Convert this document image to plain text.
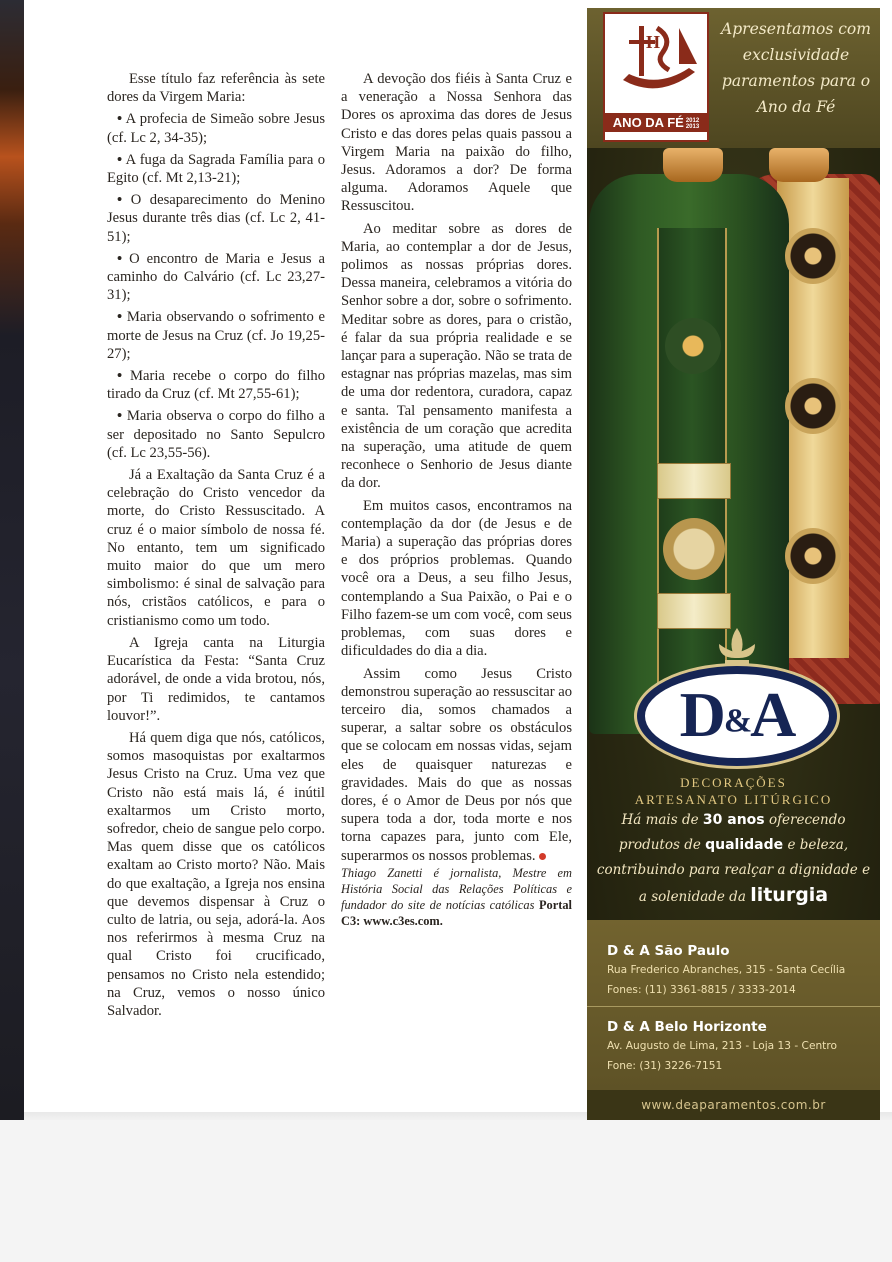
Esse título faz referência às sete dores da Virgem Maria:

• A profecia de Simeão sobre Jesus (cf. Lc 2, 34-35);

• A fuga da Sagrada Família para o Egito (cf. Mt 2,13-21);

• O desaparecimento do Menino Jesus durante três dias (cf. Lc 2, 41-51);

• O encontro de Maria e Jesus a caminho do Calvário (cf. Lc 23,27-31);

• Maria observando o sofrimento e morte de Jesus na Cruz (cf. Jo 19,25-27);

• Maria recebe o corpo do filho tirado da Cruz (cf. Mt 27,55-61);

• Maria observa o corpo do filho a ser depositado no Santo Sepulcro (cf. Lc 23,55-56).

Já a Exaltação da Santa Cruz é a celebração do Cristo vencedor da morte, do Cristo Ressuscitado. A cruz é o maior símbolo de nossa fé. No entanto, tem um significado muito maior do que um mero simbolismo: é sinal de salvação para nós, cristãos católicos, e para o cristianismo como um todo.

A Igreja canta na Liturgia Eucarística da Festa: “Santa Cruz adorável, de onde a vida brotou, nós, por Ti redimidos, te cantamos louvor!”.

Há quem diga que nós, católicos, somos masoquistas por exaltarmos Jesus Cristo na Cruz. Uma vez que Cristo não está mais lá, é inútil exaltarmos um Cristo morto, sofredor, cheio de sangue pelo corpo. Mas quem disse que os católicos exaltam ao Cristo morto? Não. Mais do que exaltação, a Igreja nos ensina que devemos dispensar à Cruz o culto de latria, ou seja, adorá-la. Aos nos referirmos à mesma Cruz na qual Cristo foi crucificado, pensamos no Cristo nela estendido; na Cruz, vemos o nosso único Salvador.

A devoção dos fiéis à Santa Cruz e a veneração a Nossa Senhora das Dores os aproxima das dores de Jesus Cristo e das dores pelas quais passou a Virgem Maria na paixão do filho, Jesus. Adoramos a dor? De forma alguma. Adoramos Aquele que Ressuscitou.

Ao meditar sobre as dores de Maria, ao contemplar a dor de Jesus, polimos as nossas próprias dores. Dessa maneira, celebramos a vitória do Senhor sobre a dor, sobre o sofrimento. Meditar sobre as dores, para o cristão, é falar da sua própria realidade e se lançar para a superação. Não se trata de estagnar nas próprias mazelas, mas sim de uma dor redentora, curadora, capaz e santa. Tal pensamento manifesta a existência de um coração que acredita na superação, uma atitude de quem reconhece o Senhorio de Jesus diante da dor.

Em muitos casos, encontramos na contemplação da dor (de Jesus e de Maria) a superação das próprias dores e dos próprios problemas. Quando você ora a Deus, a seu filho Jesus, contemplando a Sua Paixão, o Pai e o Filho fazem-se um com você, com seus problemas, com suas dores e dificuldades do dia a dia.

Assim como Jesus Cristo demonstrou superação ao ressuscitar ao terceiro dia, somos chamados a superar, a saltar sobre os obstáculos que se colocam em nossas vidas, sejam eles de quaisquer naturezas e gravidades. Mais do que as nossas dores, é o Amor de Deus por nós que supera toda a dor, toda morte e nos torna capazes para, junto com Ele, superarmos os nossos problemas.

Thiago Zanetti é jornalista, Mestre em História Social das Relações Políticas e fundador do site de notícias católicas Portal C3: www.c3es.com.

H
ANO DA FÉ 2012
2013
Apresentamos com exclusividade paramentos para o Ano da Fé
D&A
DECORAÇÕES
ARTESANATO LITÚRGICO
Há mais de 30 anos oferecendo produtos de qualidade e beleza, contribuindo para realçar a dignidade e a solenidade da liturgia
D & A São Paulo
Rua Frederico Abranches, 315 - Santa Cecília
Fones: (11) 3361-8815 / 3333-2014
D & A Belo Horizonte
Av. Augusto de Lima, 213 - Loja 13 - Centro
Fone: (31) 3226-7151
www.deaparamentos.com.br
